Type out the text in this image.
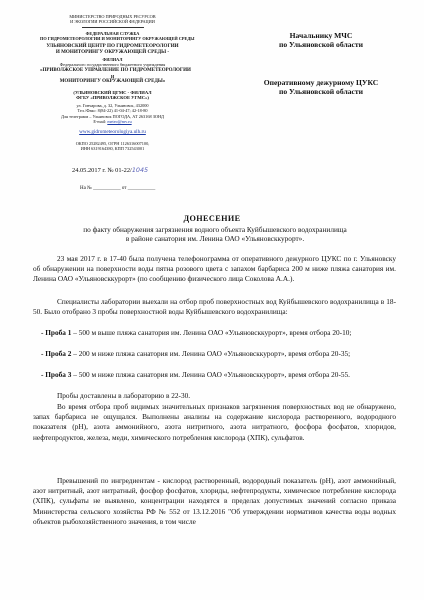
МИНИСТЕРСТВО ПРИРОДНЫХ РЕСУРСОВ
И ЭКОЛОГИИ РОССИЙСКОЙ ФЕДЕРАЦИИ
ФЕДЕРАЛЬНАЯ СЛУЖБА
ПО ГИДРОМЕТЕОРОЛОГИИ И МОНИТОРИНГУ ОКРУЖАЮЩЕЙ СРЕДЫ
УЛЬЯНОВСКИЙ ЦЕНТР ПО ГИДРОМЕТЕОРОЛОГИИ
И МОНИТОРИНГУ ОКРУЖАЮЩЕЙ СРЕДЫ -
ФИЛИАЛ
Федерального государственного бюджетного учреждения
«ПРИВОЛЖСКОЕ УПРАВЛЕНИЕ ПО ГИДРОМЕТЕОРОЛОГИИ
И
МОНИТОРИНГУ ОКРУЖАЮЩЕЙ СРЕДЫ»
(УЛЬЯНОВСКИЙ ЦГМС - ФИЛИАЛ
ФГБУ «ПРИВОЛЖСКОЕ УГМС»)
ул. Гончарова, д. 32, Ульяновск, 432000
Тел./Факс: 8(84-22) 41-04-47; 42-18-80
Для телеграмм – Ульяновск ПОГОДА, АТ 263168 ЗОНД
E-mail: meteo@mv.ru
www.gidrometeorologiya.ulh.ru
ОКПО 25282495, ОГРН 1126316007100,
ИНН 6319164380, КПП 732543001
24.05.2017 г. № 01-22/1045
На № ___________ от ___________
Начальнику МЧС
по Ульяновской области
Оперативному дежурному ЦУКС
по Ульяновской области
ДОНЕСЕНИЕ
по факту обнаружения загрязнения водного объекта Куйбышевского водохранилища
в районе санатория им. Ленина ОАО «Ульяновсккурорт».
23 мая 2017 г. в 17-40 была получена телефонограмма от оперативного дежурного ЦУКС по г. Ульяновску об обнаружении на поверхности воды пятна розового цвета с запахом барбариса 200 м ниже пляжа санатория им. Ленина ОАО «Ульяновсккурорт» (по сообщению физического лица Соколова А.А.).
Специалисты лаборатории выехали на отбор проб поверхностных вод Куйбышевского водохранилища в 18-50. Было отобрано 3 пробы поверхностной воды Куйбышевского водохранилища:
- Проба 1 – 500 м выше пляжа санатория им. Ленина ОАО «Ульяновсккурорт», время отбора 20-10;
- Проба 2 – 200 м ниже пляжа санатория им. Ленина ОАО «Ульяновсккурорт», время отбора 20-35;
- Проба 3 – 500 м ниже пляжа санатория им. Ленина ОАО «Ульяновсккурорт», время отбора 20-55.
Пробы доставлены в лабораторию в 22-30.
Во время отбора проб видимых значительных признаков загрязнения поверхностных вод не обнаружено, запах барбариса не ощущался. Выполнены анализы на содержание кислорода растворенного, водородного показателя (pH), азота аммонийного, азота нитритного, азота нитратного, фосфора фосфатов, хлоридов, нефтепродуктов, железа, меди, химического потребления кислорода (ХПК), сульфатов.
Превышений по ингредиентам - кислород растворенный, водородный показатель (pH), азот аммонийный, азот нитритный, азот нитратный, фосфор фосфатов, хлориды, нефтепродукты, химическое потребление кислорода (ХПК), сульфаты не выявлено, концентрации находятся в пределах допустимых значений согласно приказа Министерства сельского хозяйства РФ № 552 от 13.12.2016 "Об утверждении нормативов качества воды водных объектов рыбохозяйственного значения, в том числе
